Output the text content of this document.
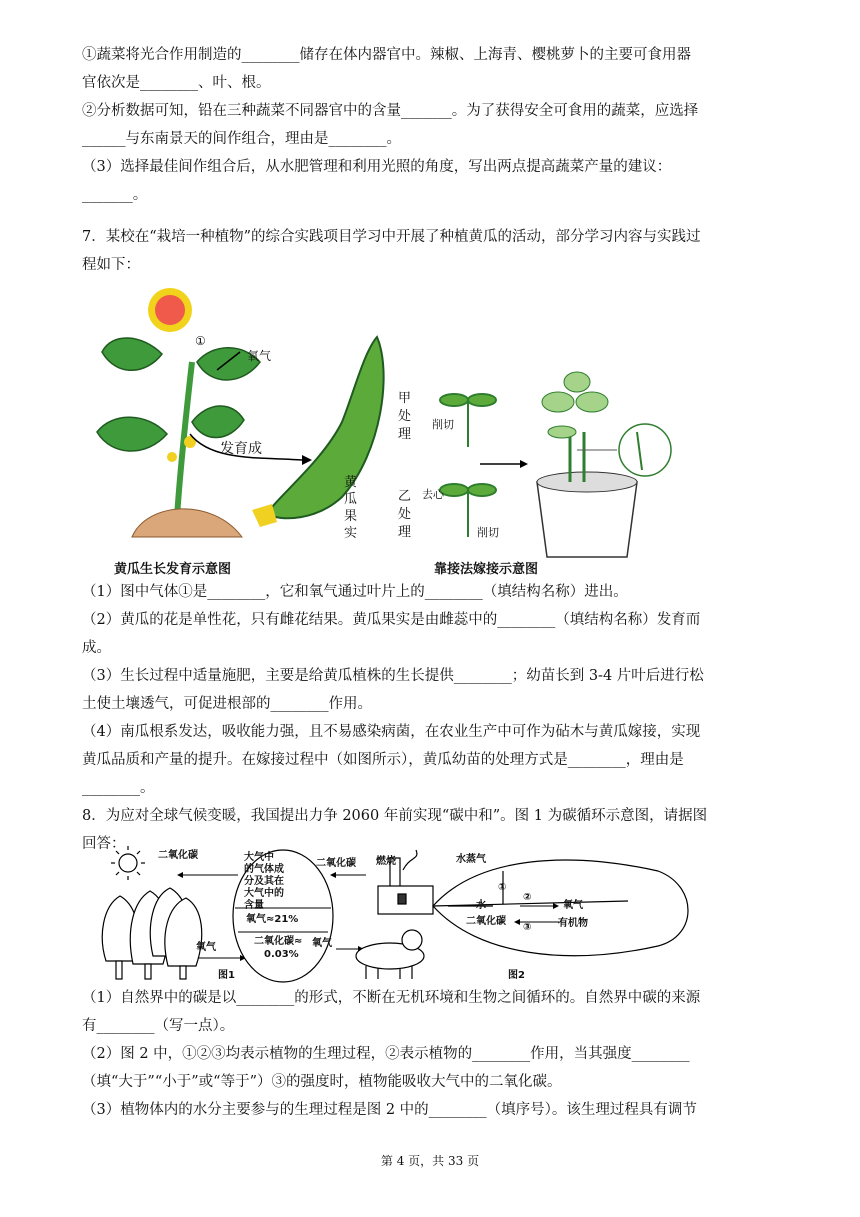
①蔬菜将光合作用制造的________储存在体内器官中。辣椒、上海青、樱桃萝卜的主要可食用器
官依次是________、叶、根。
②分析数据可知，铅在三种蔬菜不同器官中的含量_______。为了获得安全可食用的蔬菜，应选择
______与东南景天的间作组合，理由是________。
（3）选择最佳间作组合后，从水肥管理和利用光照的角度，写出两点提高蔬菜产量的建议：
_______。
7．某校在“栽培一种植物”的综合实践项目学习中开展了种植黄瓜的活动，部分学习内容与实践过
程如下：
①
氧气
发育成
黄
瓜
果
实
甲
处
理
乙
处
理
削切
去心
削切
黄瓜生长发育示意图	靠接法嫁接示意图
（1）图中气体①是________，它和氧气通过叶片上的________（填结构名称）进出。
（2）黄瓜的花是单性花，只有雌花结果。黄瓜果实是由雌蕊中的________（填结构名称）发育而
成。
（3）生长过程中适量施肥，主要是给黄瓜植株的生长提供________；幼苗长到 3-4 片叶后进行松
土使土壤透气，可促进根部的________作用。
（4）南瓜根系发达，吸收能力强，且不易感染病菌，在农业生产中可作为砧木与黄瓜嫁接，实现
黄瓜品质和产量的提升。在嫁接过程中（如图所示），黄瓜幼苗的处理方式是________，理由是
________。
8．为应对全球气候变暖，我国提出力争 2060 年前实现“碳中和”。图 1 为碳循环示意图，请据图
回答：
二氧化碳	大气中
的气体成
分及其在
大气中的
含量
氧气≈21%
二氧化碳≈
0.03%
氧气	氧气
二氧化碳 燃烧
图1
水蒸气
水
二氧化碳
①
②
③
氧气
有机物
图2
（1）自然界中的碳是以________的形式，不断在无机环境和生物之间循环的。自然界中碳的来源
有________（写一点）。
（2）图 2 中，①②③均表示植物的生理过程，②表示植物的________作用，当其强度________
（填“大于”“小于”或“等于”）③的强度时，植物能吸收大气中的二氧化碳。
（3）植物体内的水分主要参与的生理过程是图 2 中的________（填序号）。该生理过程具有调节
第 4 页，共 33 页
